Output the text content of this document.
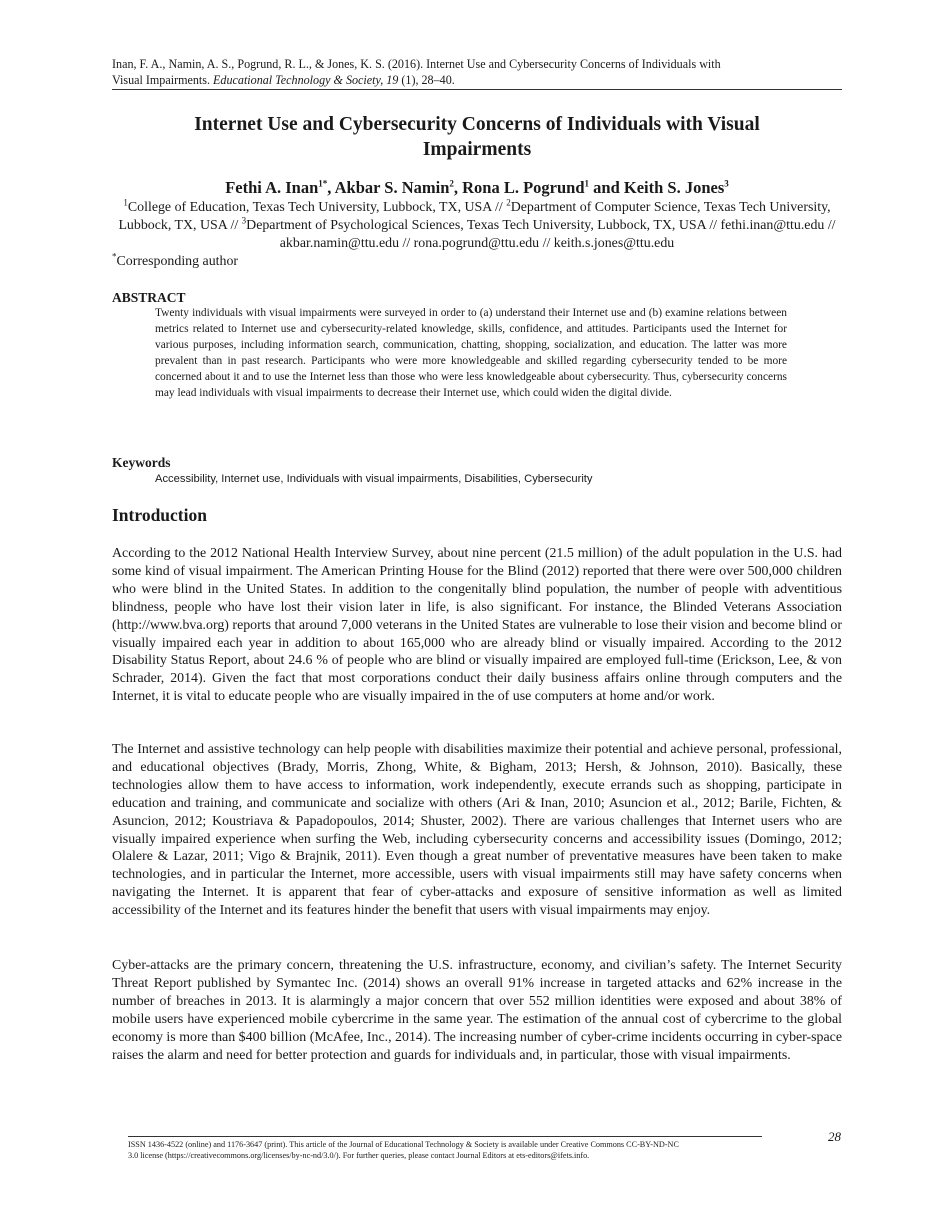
Inan, F. A., Namin, A. S., Pogrund, R. L., & Jones, K. S. (2016). Internet Use and Cybersecurity Concerns of Individuals with
Visual Impairments. Educational Technology & Society, 19 (1), 28–40.
Internet Use and Cybersecurity Concerns of Individuals with Visual
Impairments
Fethi A. Inan$^{1*}$, Akbar S. Namin$^2$, Rona L. Pogrund$^1$ and Keith S. Jones$^3$
$^1$College of Education, Texas Tech University, Lubbock, TX, USA // $^2$Department of Computer Science, Texas Tech University, Lubbock, TX, USA // $^3$Department of Psychological Sciences, Texas Tech University, Lubbock, TX, USA // fethi.inan@ttu.edu // akbar.namin@ttu.edu // rona.pogrund@ttu.edu // keith.s.jones@ttu.edu
*Corresponding author
ABSTRACT
Twenty individuals with visual impairments were surveyed in order to (a) understand their Internet use and (b) examine relations between metrics related to Internet use and cybersecurity-related knowledge, skills, confidence, and attitudes. Participants used the Internet for various purposes, including information search, communication, chatting, shopping, socialization, and education. The latter was more prevalent than in past research. Participants who were more knowledgeable and skilled regarding cybersecurity tended to be more concerned about it and to use the Internet less than those who were less knowledgeable about cybersecurity. Thus, cybersecurity concerns may lead individuals with visual impairments to decrease their Internet use, which could widen the digital divide.
Keywords
Accessibility, Internet use, Individuals with visual impairments, Disabilities, Cybersecurity
Introduction

According to the 2012 National Health Interview Survey, about nine percent (21.5 million) of the adult population in the U.S. had some kind of visual impairment. The American Printing House for the Blind (2012) reported that there were over 500,000 children who were blind in the United States. In addition to the congenitally blind population, the number of people with adventitious blindness, people who have lost their vision later in life, is also significant. For instance, the Blinded Veterans Association (http://www.bva.org) reports that around 7,000 veterans in the United States are vulnerable to lose their vision and become blind or visually impaired each year in addition to about 165,000 who are already blind or visually impaired. According to the 2012 Disability Status Report, about 24.6 % of people who are blind or visually impaired are employed full-time (Erickson, Lee, & von Schrader, 2014). Given the fact that most corporations conduct their daily business affairs online through computers and the Internet, it is vital to educate people who are visually impaired in the of use computers at home and/or work.

The Internet and assistive technology can help people with disabilities maximize their potential and achieve personal, professional, and educational objectives (Brady, Morris, Zhong, White, & Bigham, 2013; Hersh, & Johnson, 2010). Basically, these technologies allow them to have access to information, work independently, execute errands such as shopping, participate in education and training, and communicate and socialize with others (Ari & Inan, 2010; Asuncion et al., 2012; Barile, Fichten, & Asuncion, 2012; Koustriava & Papadopoulos, 2014; Shuster, 2002). There are various challenges that Internet users who are visually impaired experience when surfing the Web, including cybersecurity concerns and accessibility issues (Domingo, 2012; Olalere & Lazar, 2011; Vigo & Brajnik, 2011). Even though a great number of preventative measures have been taken to make technologies, and in particular the Internet, more accessible, users with visual impairments still may have safety concerns when navigating the Internet. It is apparent that fear of cyber-attacks and exposure of sensitive information as well as limited accessibility of the Internet and its features hinder the benefit that users with visual impairments may enjoy.

Cyber-attacks are the primary concern, threatening the U.S. infrastructure, economy, and civilian’s safety. The Internet Security Threat Report published by Symantec Inc. (2014) shows an overall 91% increase in targeted attacks and 62% increase in the number of breaches in 2013. It is alarmingly a major concern that over 552 million identities were exposed and about 38% of mobile users have experienced mobile cybercrime in the same year. The estimation of the annual cost of cybercrime to the global economy is more than $400 billion (McAfee, Inc., 2014). The increasing number of cyber-crime incidents occurring in cyber-space raises the alarm and need for better protection and guards for individuals and, in particular, those with visual impairments.

ISSN 1436-4522 (online) and 1176-3647 (print). This article of the Journal of Educational Technology & Society is available under Creative Commons CC-BY-ND-NC
3.0 license (https://creativecommons.org/licenses/by-nc-nd/3.0/). For further queries, please contact Journal Editors at ets-editors@ifets.info.
28
